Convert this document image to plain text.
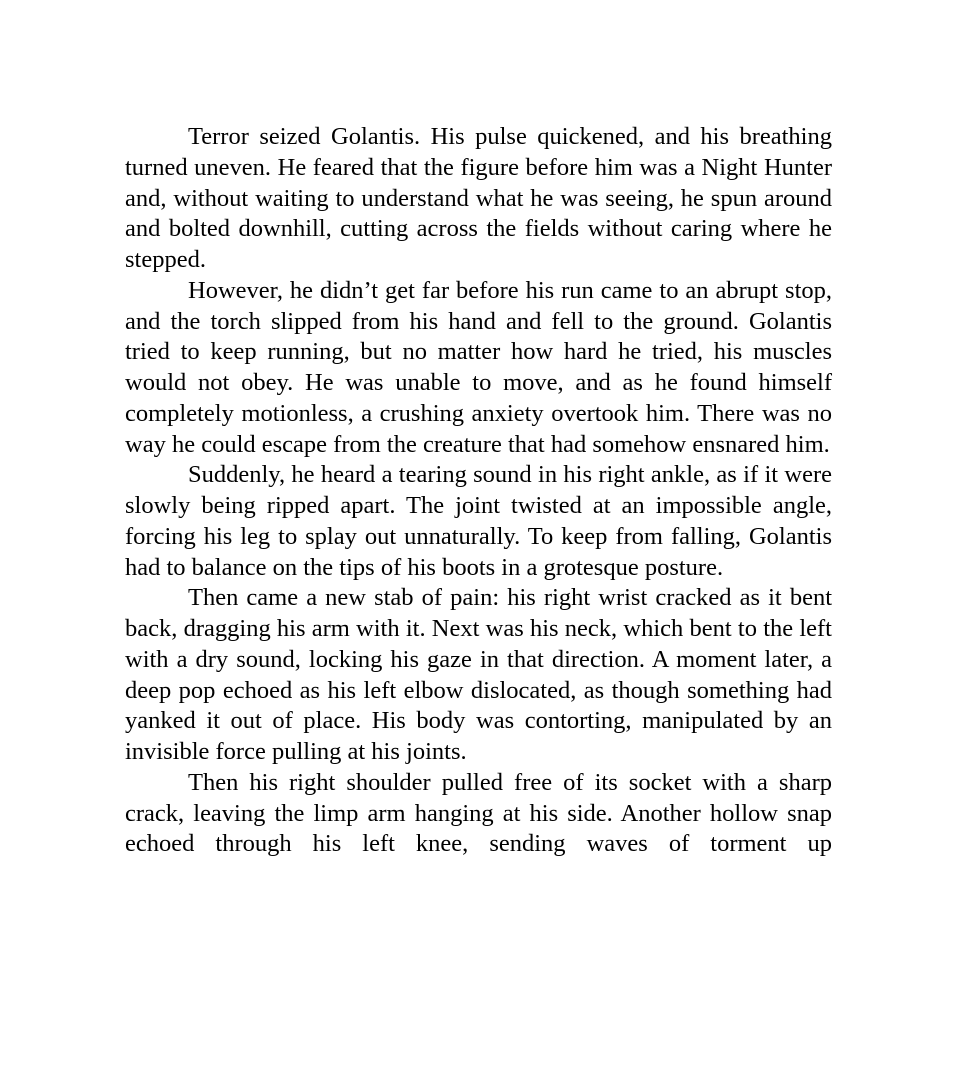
Terror seized Golantis. His pulse quickened, and his breathing turned uneven. He feared that the figure before him was a Night Hunter and, without waiting to understand what he was seeing, he spun around and bolted downhill, cutting across the fields without caring where he stepped.

However, he didn’t get far before his run came to an abrupt stop, and the torch slipped from his hand and fell to the ground. Golantis tried to keep running, but no matter how hard he tried, his muscles would not obey. He was unable to move, and as he found himself completely motionless, a crushing anxiety overtook him. There was no way he could escape from the creature that had somehow ensnared him.

Suddenly, he heard a tearing sound in his right ankle, as if it were slowly being ripped apart. The joint twisted at an impossible angle, forcing his leg to splay out unnaturally. To keep from falling, Golantis had to balance on the tips of his boots in a grotesque posture.

Then came a new stab of pain: his right wrist cracked as it bent back, dragging his arm with it. Next was his neck, which bent to the left with a dry sound, locking his gaze in that direction. A moment later, a deep pop echoed as his left elbow dislocated, as though something had yanked it out of place. His body was contorting, manipulated by an invisible force pulling at his joints.

Then his right shoulder pulled free of its socket with a sharp crack, leaving the limp arm hanging at his side. Another hollow snap echoed through his left knee, sending waves of torment up
